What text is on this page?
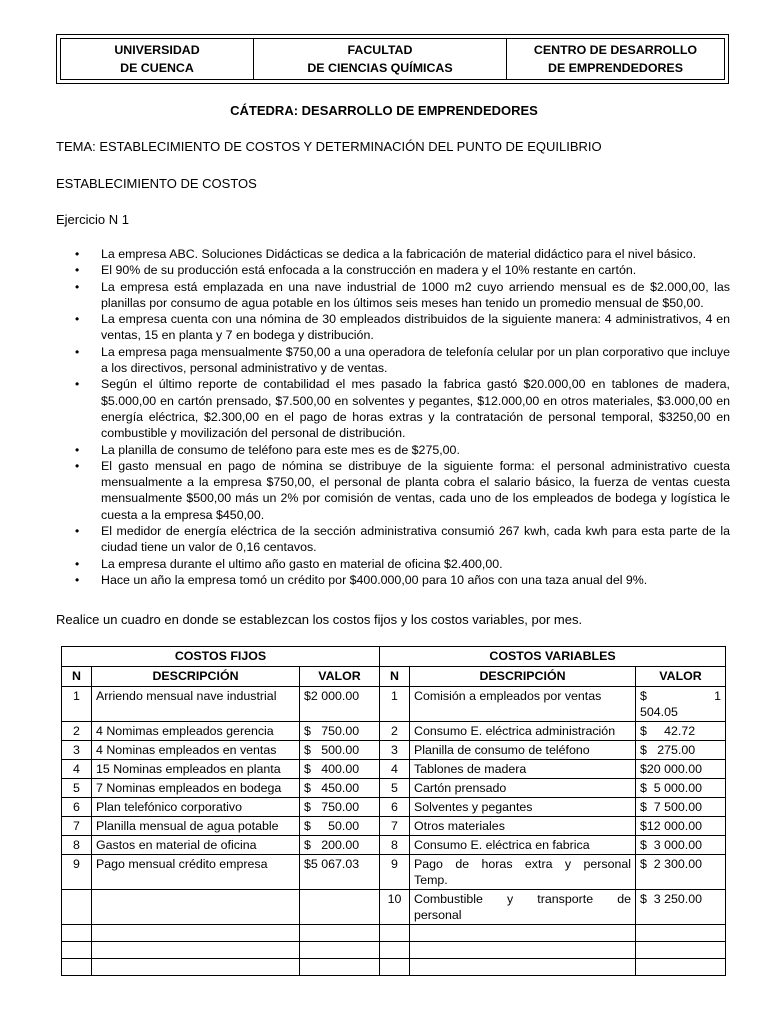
UNIVERSIDAD
DE CUENCA
FACULTAD
DE CIENCIAS QUÍMICAS
CENTRO DE DESARROLLO
DE EMPRENDEDORES
CÁTEDRA: DESARROLLO DE EMPRENDEDORES
TEMA: ESTABLECIMIENTO DE COSTOS Y DETERMINACIÓN DEL PUNTO DE EQUILIBRIO
ESTABLECIMIENTO DE COSTOS
Ejercicio N 1
• La empresa ABC. Soluciones Didácticas se dedica a la fabricación de material didáctico para el nivel básico.
• El 90% de su producción está enfocada a la construcción en madera y el 10% restante en cartón.
• La empresa está emplazada en una nave industrial de 1000 m2 cuyo arriendo mensual es de $2.000,00, las planillas por consumo de agua potable en los últimos seis meses han tenido un promedio mensual de $50,00.
• La empresa cuenta con una nómina de 30 empleados distribuidos de la siguiente manera: 4 administrativos, 4 en ventas, 15 en planta y 7 en bodega y distribución.
• La empresa paga mensualmente $750,00 a una operadora de telefonía celular por un plan corporativo que incluye a los directivos, personal administrativo y de ventas.
• Según el último reporte de contabilidad el mes pasado la fabrica gastó $20.000,00 en tablones de madera, $5.000,00 en cartón prensado, $7.500,00 en solventes y pegantes, $12.000,00 en otros materiales, $3.000,00 en energía eléctrica, $2.300,00 en el pago de horas extras y la contratación de personal temporal, $3250,00 en combustible y movilización del personal de distribución.
• La planilla de consumo de teléfono para este mes es de $275,00.
• El gasto mensual en pago de nómina se distribuye de la siguiente forma: el personal administrativo cuesta mensualmente a la empresa $750,00, el personal de planta cobra el salario básico, la fuerza de ventas cuesta mensualmente $500,00 más un 2% por comisión de ventas, cada uno de los empleados de bodega y logística le cuesta a la empresa $450,00.
• El medidor de energía eléctrica de la sección administrativa consumió 267 kwh, cada kwh para esta parte de la ciudad tiene un valor de 0,16 centavos.
• La empresa durante el ultimo año gasto en material de oficina $2.400,00.
• Hace un año la empresa tomó un crédito por $400.000,00 para 10 años con una taza anual del 9%.
Realice un cuadro en donde se establezcan los costos fijos y los costos variables, por mes.
COSTOS FIJOS			COSTOS VARIABLES		
N	DESCRIPCIÓN	VALOR	N	DESCRIPCIÓN	VALOR
1	Arriendo mensual nave industrial	$2 000.00	1	Comisión a empleados por ventas	$ 1
504.05

2	4 Nomimas empleados gerencia	$   750.00	2	Consumo E. eléctrica administración	$     42.72
3	4 Nominas empleados en ventas	$   500.00	3	Planilla de consumo de teléfono	$   275.00
4	15 Nominas empleados en planta	$   400.00	4	Tablones de madera	$20 000.00
5	7 Nominas empleados en bodega	$   450.00	5	Cartón prensado	$  5 000.00
6	Plan telefónico corporativo	$   750.00	6	Solventes y pegantes	$  7 500.00
7	Planilla mensual de agua potable	$     50.00	7	Otros materiales	$12 000.00
8	Gastos en material de oficina	$   200.00	8	Consumo E. eléctrica en fabrica	$  3 000.00
9	Pago mensual crédito empresa	$5 067.03	9	Pago de horas extra y personal
Temp.	$  2 300.00
			10	Combustible y transporte de
personal	$  3 250.00
